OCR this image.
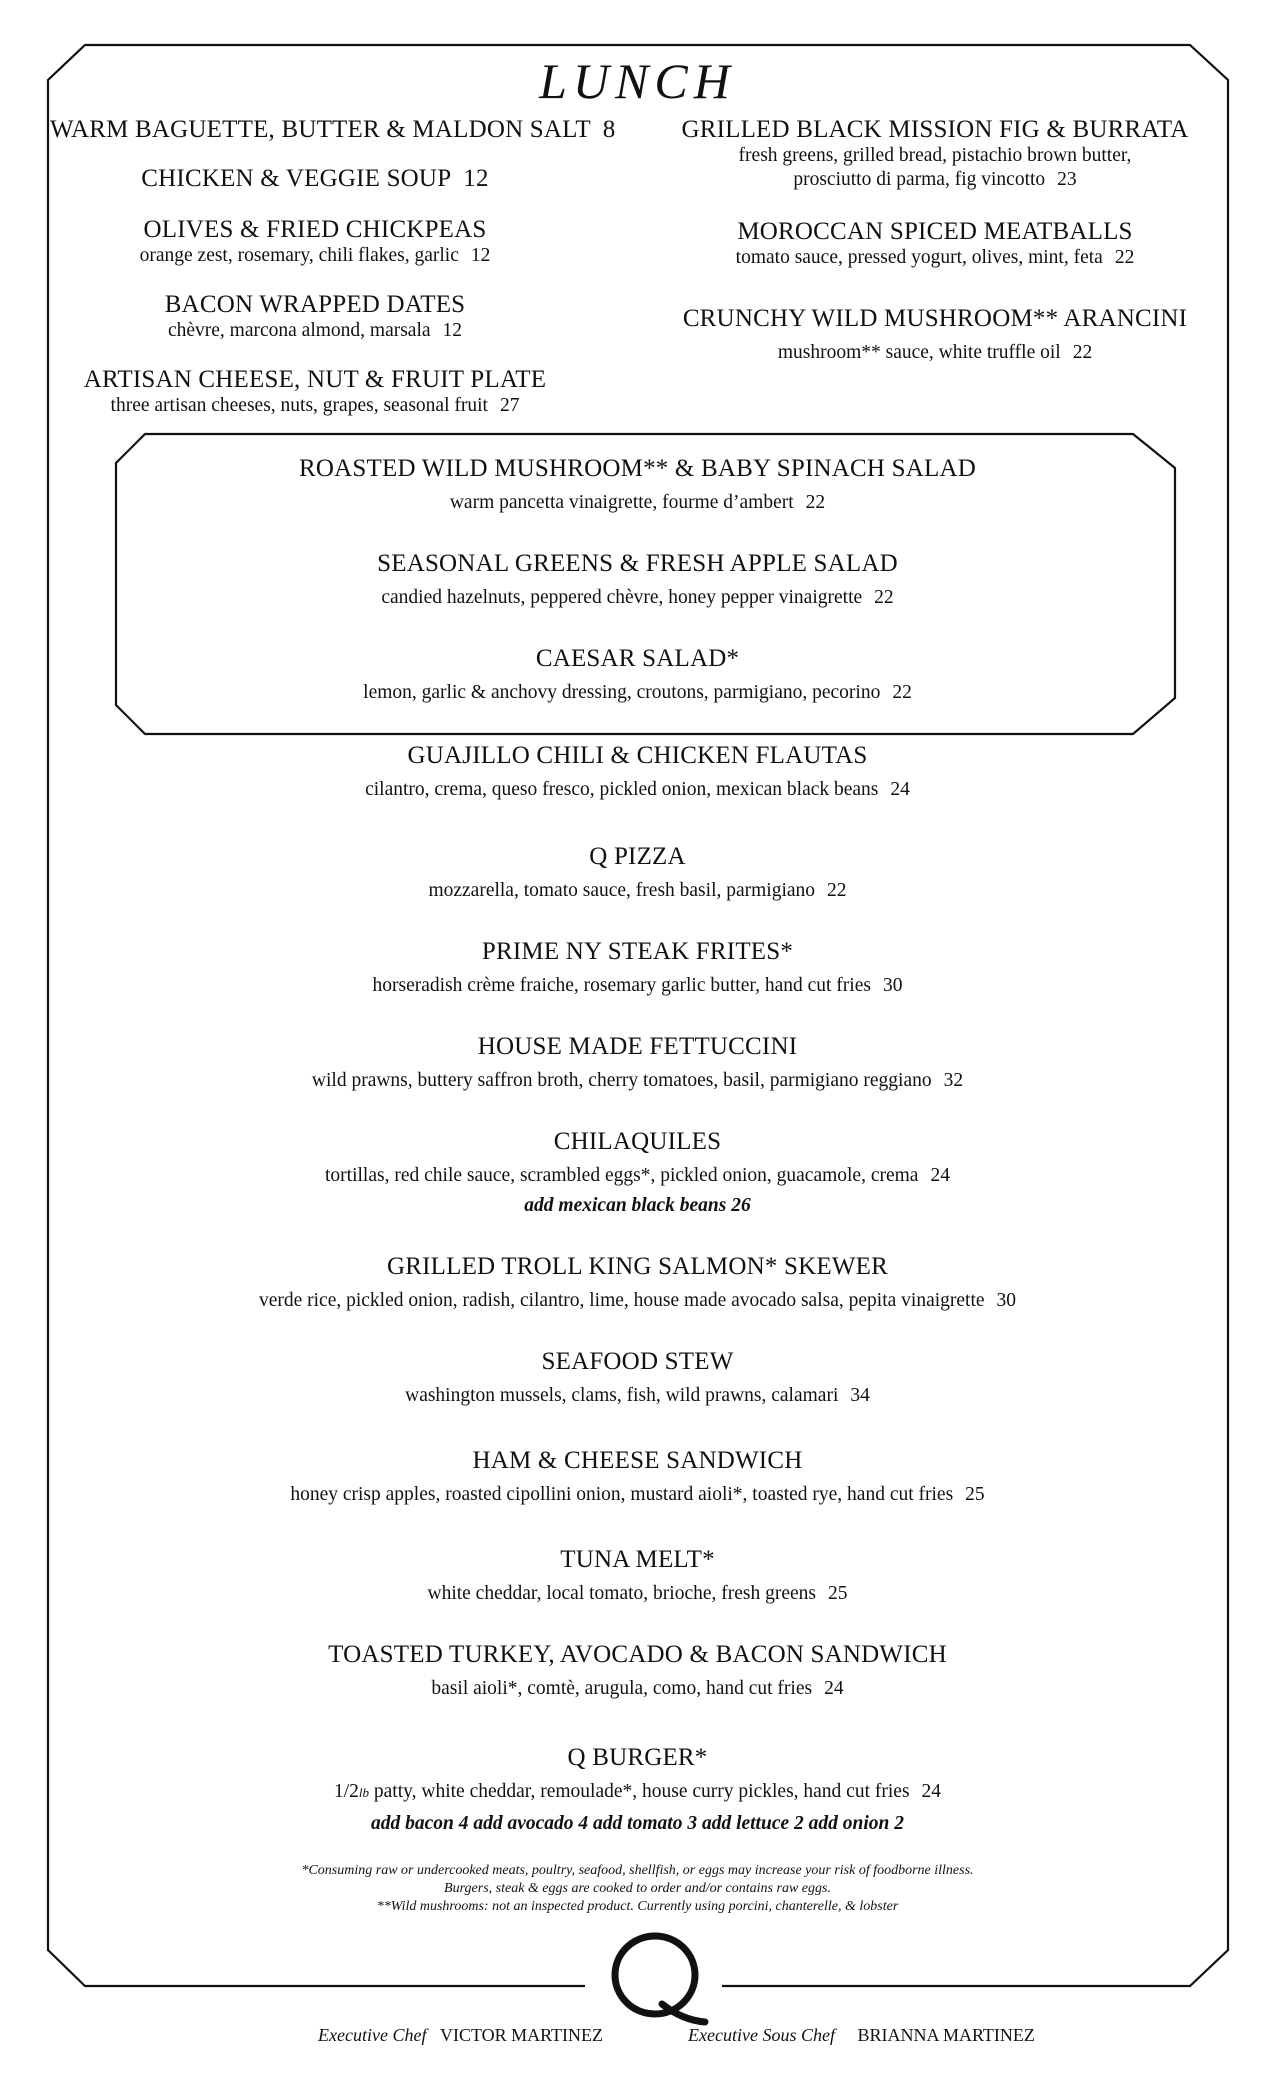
LUNCH
WARM BAGUETTE, BUTTER & MALDON SALT 8
CHICKEN & VEGGIE SOUP 12
OLIVES & FRIED CHICKPEAS
orange zest, rosemary, chili flakes, garlic 12
BACON WRAPPED DATES
chèvre, marcona almond, marsala 12
ARTISAN CHEESE, NUT & FRUIT PLATE
three artisan cheeses, nuts, grapes, seasonal fruit 27
GRILLED BLACK MISSION FIG & BURRATA
fresh greens, grilled bread, pistachio brown butter,
prosciutto di parma, fig vincotto 23
MOROCCAN SPICED MEATBALLS
tomato sauce, pressed yogurt, olives, mint, feta 22
CRUNCHY WILD MUSHROOM** ARANCINI
mushroom** sauce, white truffle oil 22
ROASTED WILD MUSHROOM** & BABY SPINACH SALAD
warm pancetta vinaigrette, fourme d’ambert 22
SEASONAL GREENS & FRESH APPLE SALAD
candied hazelnuts, peppered chèvre, honey pepper vinaigrette 22
CAESAR SALAD*
lemon, garlic & anchovy dressing, croutons, parmigiano, pecorino 22
GUAJILLO CHILI & CHICKEN FLAUTAS
cilantro, crema, queso fresco, pickled onion, mexican black beans 24
Q PIZZA
mozzarella, tomato sauce, fresh basil, parmigiano 22
PRIME NY STEAK FRITES*
horseradish crème fraiche, rosemary garlic butter, hand cut fries 30
HOUSE MADE FETTUCCINI
wild prawns, buttery saffron broth, cherry tomatoes, basil, parmigiano reggiano 32
CHILAQUILES
tortillas, red chile sauce, scrambled eggs*, pickled onion, guacamole, crema 24
add mexican black beans 26
GRILLED TROLL KING SALMON* SKEWER
verde rice, pickled onion, radish, cilantro, lime, house made avocado salsa, pepita vinaigrette 30
SEAFOOD STEW
washington mussels, clams, fish, wild prawns, calamari 34
HAM & CHEESE SANDWICH
honey crisp apples, roasted cipollini onion, mustard aioli*, toasted rye, hand cut fries 25
TUNA MELT*
white cheddar, local tomato, brioche, fresh greens 25
TOASTED TURKEY, AVOCADO & BACON SANDWICH
basil aioli*, comtè, arugula, como, hand cut fries 24
Q BURGER*
1/2lb patty, white cheddar, remoulade*, house curry pickles, hand cut fries 24
add bacon 4 add avocado 4 add tomato 3 add lettuce 2 add onion 2
*Consuming raw or undercooked meats, poultry, seafood, shellfish, or eggs may increase your risk of foodborne illness.
Burgers, steak & eggs are cooked to order and/or contains raw eggs.
**Wild mushrooms: not an inspected product. Currently using porcini, chanterelle, & lobster
Executive Chef VICTOR MARTINEZ	Executive Sous Chef BRIANNA MARTINEZ
